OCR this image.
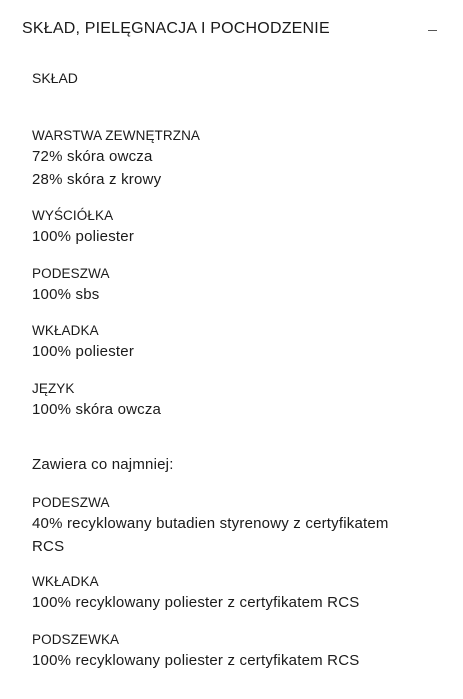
SKŁAD, PIELĘGNACJA I POCHODZENIE
SKŁAD
WARSTWA ZEWNĘTRZNA
72% skóra owcza
28% skóra z krowy
WYŚCIÓŁKA
100% poliester
PODESZWA
100% sbs
WKŁADKA
100% poliester
JĘZYK
100% skóra owcza
Zawiera co najmniej:
PODESZWA
40% recyklowany butadien styrenowy z certyfikatem
RCS
WKŁADKA
100% recyklowany poliester z certyfikatem RCS
PODSZEWKA
100% recyklowany poliester z certyfikatem RCS
